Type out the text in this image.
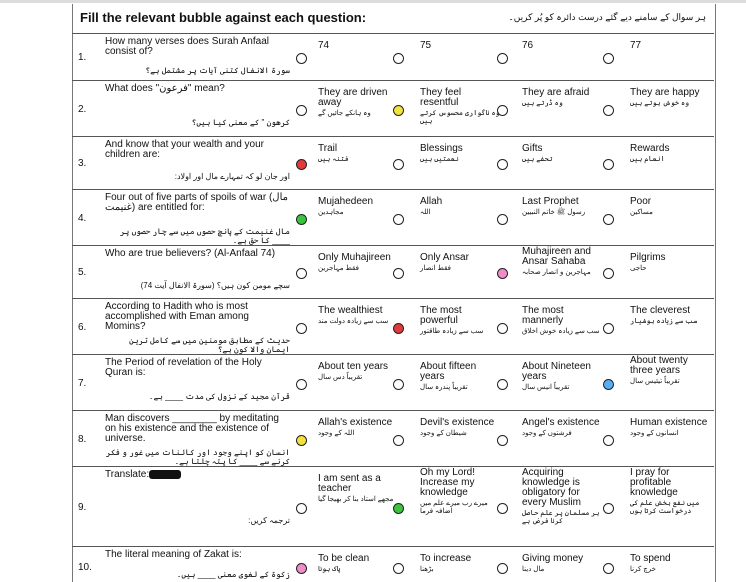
Fill the relevant bubble against each question:	ہر سوال کے سامنے دیے گئے درست دائرہ کو پُر کریں۔
1.
How many verses does Surah Anfaal consist of?
سورۃ الانفال کتنی آیات پر مشتمل ہے؟
74	75	76	77
2.
What does "فرعون" mean?
کرھون " کے معنی کیا ہیں؟
They are driven away
وہ ہانکے جائیں گے
They feel resentful
وہ ناگواری محسوس کرتے ہیں
They are afraid
وہ ڈرتے ہیں
They are happy
وہ خوش ہوتے ہیں
3.
And know that your wealth and your children are:
اور جان لو کہ تمہارے مال اور اولاد:
Trail
فتنہ ہیں
Blessings
نعمتیں ہیں
Gifts
تحفے ہیں
Rewards
انعام ہیں
4.
Four out of five parts of spoils of war (مال غنیمت) are entitled for:
مال غنیمت کے پانچ حصوں میں سے چار حصوں پر ____ کا حق ہے۔
Mujahedeen
مجاہدین
Allah
اللہ
Last Prophet
رسول ﷺ خاتم النبیین
Poor
مساکین
5.
Who are true believers? (Al-Anfaal 74)
سچے مومن کون ہیں؟ (سورۃ الانفال آیت 74)
Only Muhajireen
فقط مہاجرین
Only Ansar
فقط انصار
Muhajireen and Ansar Sahaba
مہاجرین و انصار صحابہ
Pilgrims
حاجی
6.
According to Hadith who is most accomplished with Eman among Momins?
حدیث کے مطابق مومنین میں سے کامل ترین ایمان والا کون ہے؟
The wealthiest
سب سے زیادہ دولت مند
The most powerful
سب سے زیادہ طاقتور
The most mannerly
سب سے زیادہ خوش اخلاق
The cleverest
سب سے زیادہ ہوشیار
7.
The Period of revelation of the Holy Quran is:
قرآن مجید کے نزول کی مدت ____ ہے۔
About ten years
تقریباً دس سال
About fifteen years
تقریباً پندرہ سال
About Nineteen years
تقریباً انیس سال
About twenty three years
تقریباً تیئیس سال
8.
Man discovers ________ by meditating on his existence and the existence of universe.
انسان کو اپنے وجود اور کائنات میں غور و فکر کرنے سے ____ کا پتہ چلتا ہے۔
Allah's existence
اللہ کے وجود
Devil's existence
شیطان کے وجود
Angel's existence
فرشتوں کے وجود
Human existence
انسانوں کے وجود
9.
Translate:
ترجمہ کریں:
I am sent as a teacher
مجھے استاد بنا کر بھیجا گیا
Oh my Lord! Increase my knowledge
میرے رب میرے علم میں اضافہ فرما
Acquiring knowledge is obligatory for every Muslim
ہر مسلمان پر علم حاصل کرنا فرض ہے
I pray for profitable knowledge
میں نفع بخش علم کی درخواست کرتا ہوں
10.
The literal meaning of Zakat is:
زکوۃ کے لغوی معنی ____ ہیں۔
To be clean
پاک ہونا
To increase
بڑھنا
Giving money
مال دینا
To spend
خرچ کرنا
